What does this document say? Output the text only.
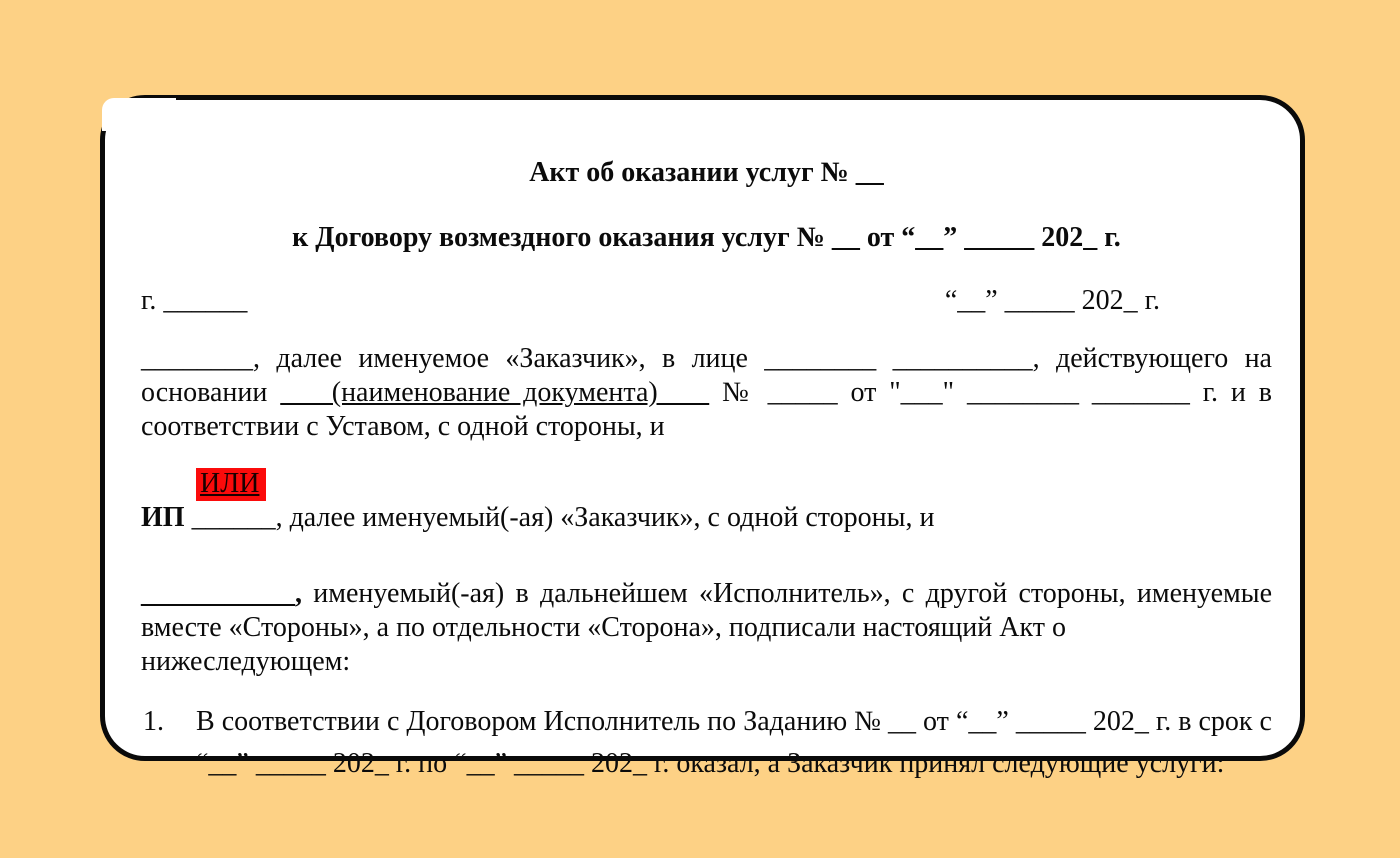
Акт об оказании услуг № __
к Договору возмездного оказания услуг № __ от “__” _____ 202_ г.
г. ______	“__” _____ 202_ г.
________, далее именуемое «Заказчик», в лице ________ __________, действующего на
основании     (наименование документа)     № _____ от "___" ________ _______ г. и в
соответствии с Уставом, с одной стороны, и
ИЛИ
ИП ______, далее именуемый(-ая) «Заказчик», с одной стороны, и
___________, именуемый(-ая) в дальнейшем «Исполнитель», с другой стороны, именуемые
вместе «Стороны», а по отдельности «Сторона», подписали настоящий Акт о нижеследующем:
1. В соответствии с Договором Исполнитель по Заданию № __ от “__” _____ 202_ г. в срок с
“__” _____ 202_ г. по “__” _____ 202_ г. оказал, а Заказчик принял следующие услуги:
